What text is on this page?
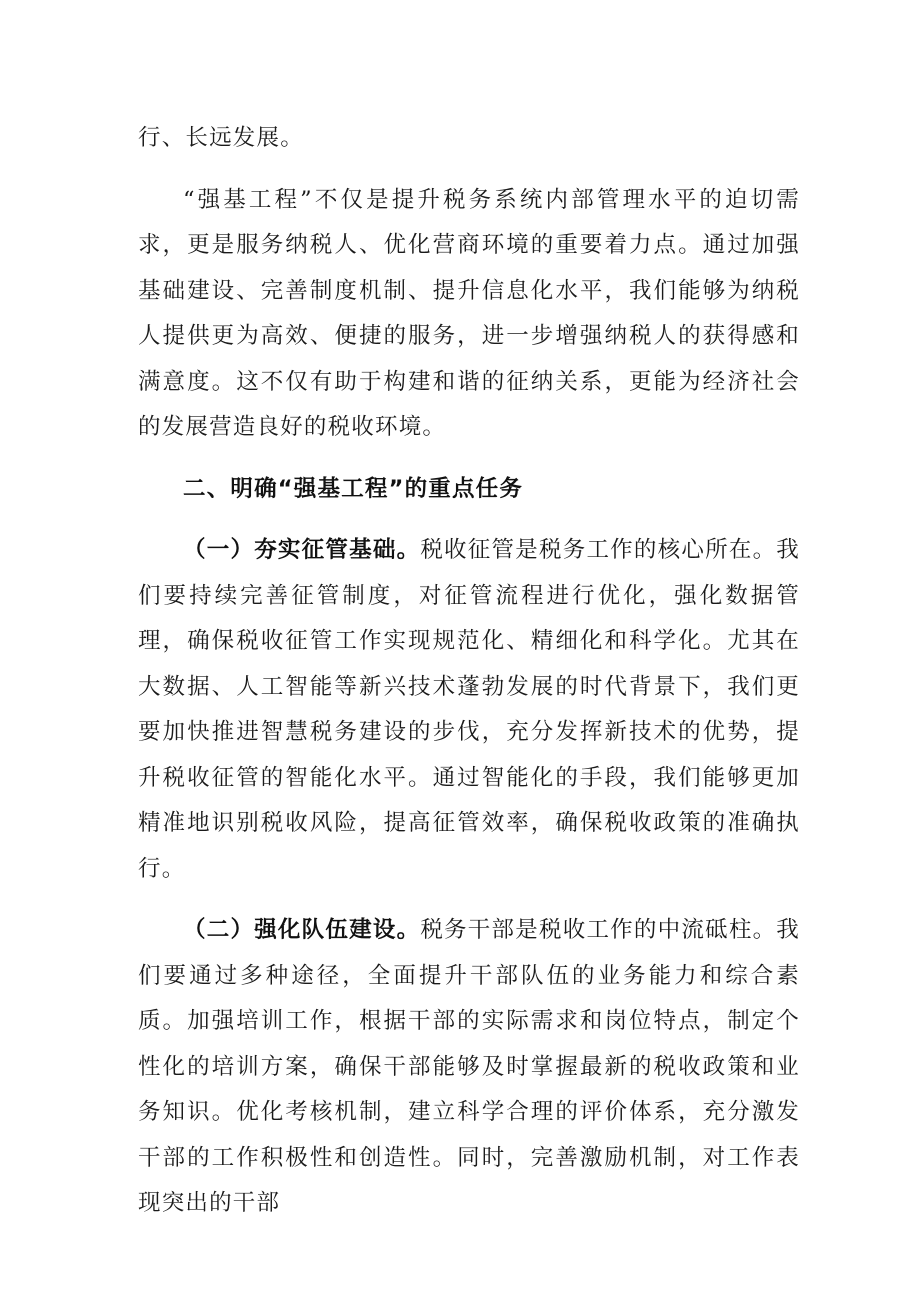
行、长远发展。

“强基工程”不仅是提升税务系统内部管理水平的迫切需求，更是服务纳税人、优化营商环境的重要着力点。通过加强基础建设、完善制度机制、提升信息化水平，我们能够为纳税人提供更为高效、便捷的服务，进一步增强纳税人的获得感和满意度。这不仅有助于构建和谐的征纳关系，更能为经济社会的发展营造良好的税收环境。

二、明确“强基工程”的重点任务

（一）夯实征管基础。税收征管是税务工作的核心所在。我们要持续完善征管制度，对征管流程进行优化，强化数据管理，确保税收征管工作实现规范化、精细化和科学化。尤其在大数据、人工智能等新兴技术蓬勃发展的时代背景下，我们更要加快推进智慧税务建设的步伐，充分发挥新技术的优势，提升税收征管的智能化水平。通过智能化的手段，我们能够更加精准地识别税收风险，提高征管效率，确保税收政策的准确执行。

（二）强化队伍建设。税务干部是税收工作的中流砥柱。我们要通过多种途径，全面提升干部队伍的业务能力和综合素质。加强培训工作，根据干部的实际需求和岗位特点，制定个性化的培训方案，确保干部能够及时掌握最新的税收政策和业务知识。优化考核机制，建立科学合理的评价体系，充分激发干部的工作积极性和创造性。同时，完善激励机制，对工作表现突出的干部
